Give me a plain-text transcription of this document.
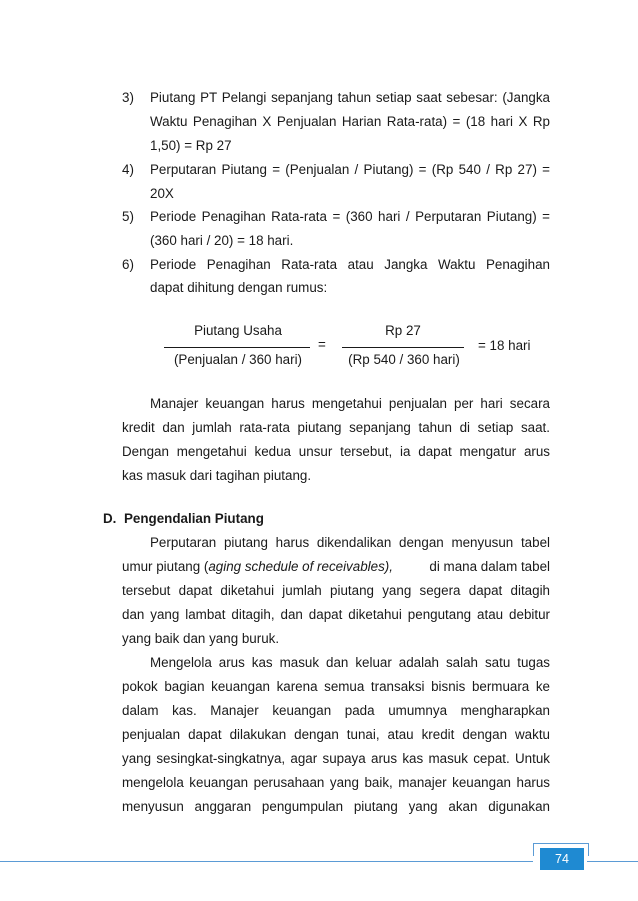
3) Piutang PT Pelangi sepanjang tahun setiap saat sebesar: (Jangka
Waktu Penagihan X Penjualan Harian Rata-rata) = (18 hari X Rp
1,50) = Rp 27
4) Perputaran Piutang = (Penjualan / Piutang) = (Rp 540 / Rp 27) =
20X
5) Periode Penagihan Rata-rata = (360 hari / Perputaran Piutang) =
(360 hari / 20) = 18 hari.
6) Periode Penagihan Rata-rata atau Jangka Waktu Penagihan
dapat dihitung dengan rumus:
Piutang Usaha
(Penjualan / 360 hari)
=
Rp 27
(Rp 540 / 360 hari)
= 18 hari
Manajer keuangan harus mengetahui penjualan per hari secara
kredit dan jumlah rata-rata piutang sepanjang tahun di setiap saat.
Dengan mengetahui kedua unsur tersebut, ia dapat mengatur arus
kas masuk dari tagihan piutang.
D. Pengendalian Piutang
Perputaran piutang harus dikendalikan dengan menyusun tabel
umur piutang (aging schedule of receivables),	di mana dalam tabel
tersebut dapat diketahui jumlah piutang yang segera dapat ditagih
dan yang lambat ditagih, dan dapat diketahui pengutang atau debitur
yang baik dan yang buruk.
Mengelola arus kas masuk dan keluar adalah salah satu tugas
pokok bagian keuangan karena semua transaksi bisnis bermuara ke
dalam kas. Manajer keuangan pada umumnya mengharapkan
penjualan dapat dilakukan dengan tunai, atau kredit dengan waktu
yang sesingkat-singkatnya, agar supaya arus kas masuk cepat. Untuk
mengelola keuangan perusahaan yang baik, manajer keuangan harus
menyusun anggaran pengumpulan piutang yang akan digunakan
74
